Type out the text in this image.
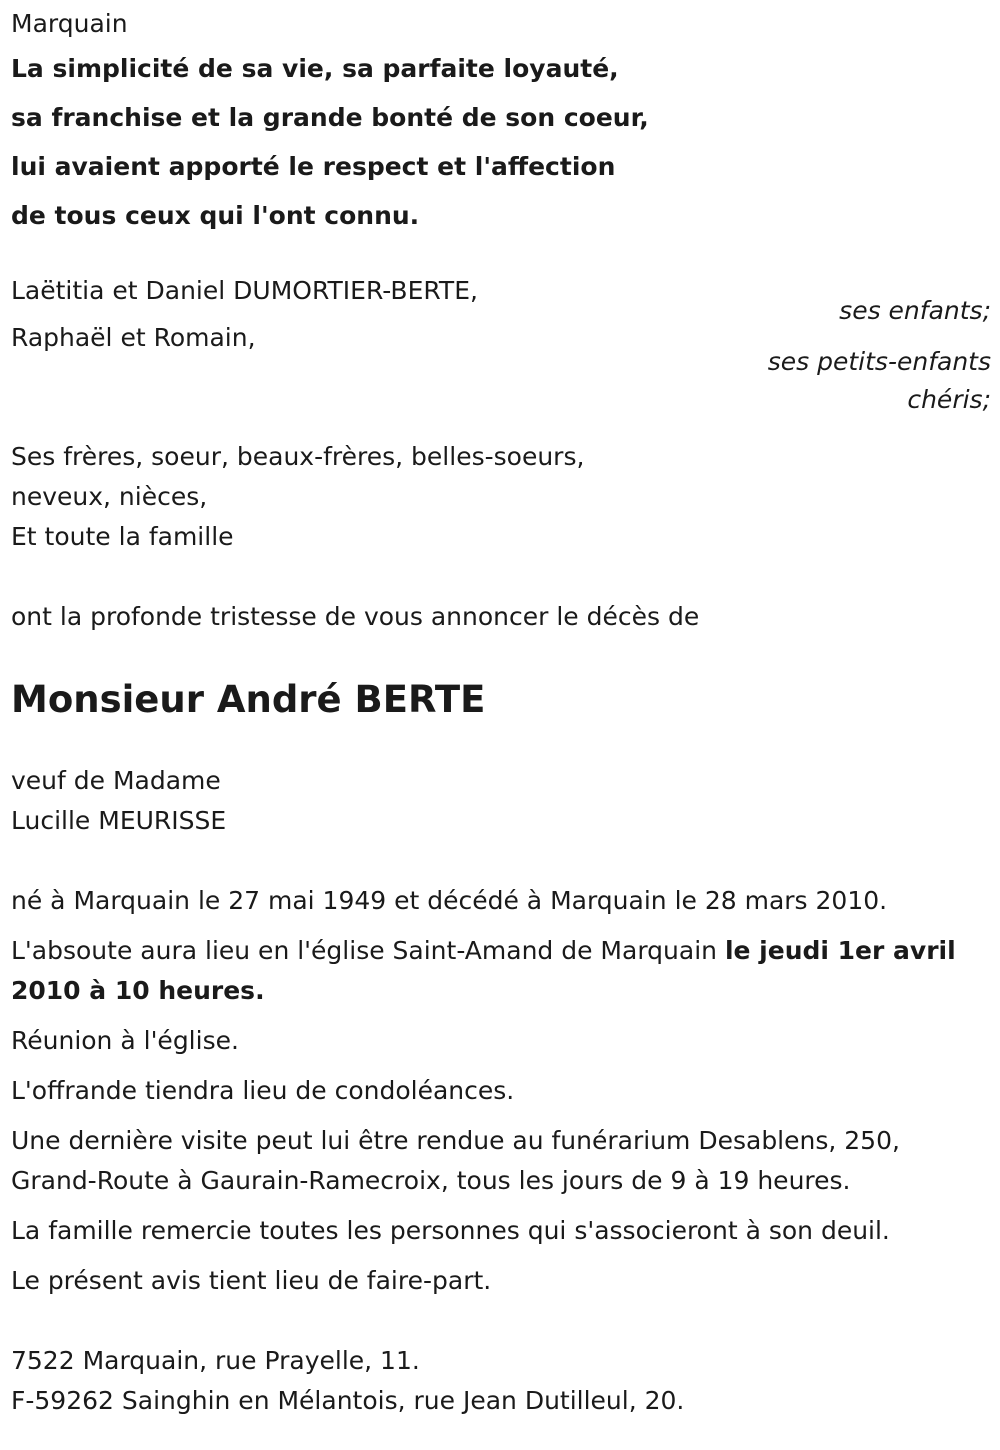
Marquain
La simplicité de sa vie, sa parfaite loyauté,
sa franchise et la grande bonté de son coeur,
lui avaient apporté le respect et l'affection
de tous ceux qui l'ont connu.
Laëtitia et Daniel DUMORTIER-BERTE,
ses enfants;
Raphaël et Romain,
ses petits-enfants
chéris;
Ses frères, soeur, beaux-frères, belles-soeurs,
neveux, nièces,
Et toute la famille
ont la profonde tristesse de vous annoncer le décès de
Monsieur André BERTE
veuf de Madame
Lucille MEURISSE

né à Marquain le 27 mai 1949 et décédé à Marquain le 28 mars 2010.

L'absoute aura lieu en l'église Saint-Amand de Marquain le jeudi 1er avril 2010 à 10 heures.

Réunion à l'église.

L'offrande tiendra lieu de condoléances.

Une dernière visite peut lui être rendue au funérarium Desablens, 250, Grand-Route à Gaurain-Ramecroix, tous les jours de 9 à 19 heures.

La famille remercie toutes les personnes qui s'associeront à son deuil.

Le présent avis tient lieu de faire-part.

7522 Marquain, rue Prayelle, 11.
F-59262 Sainghin en Mélantois, rue Jean Dutilleul, 20.
